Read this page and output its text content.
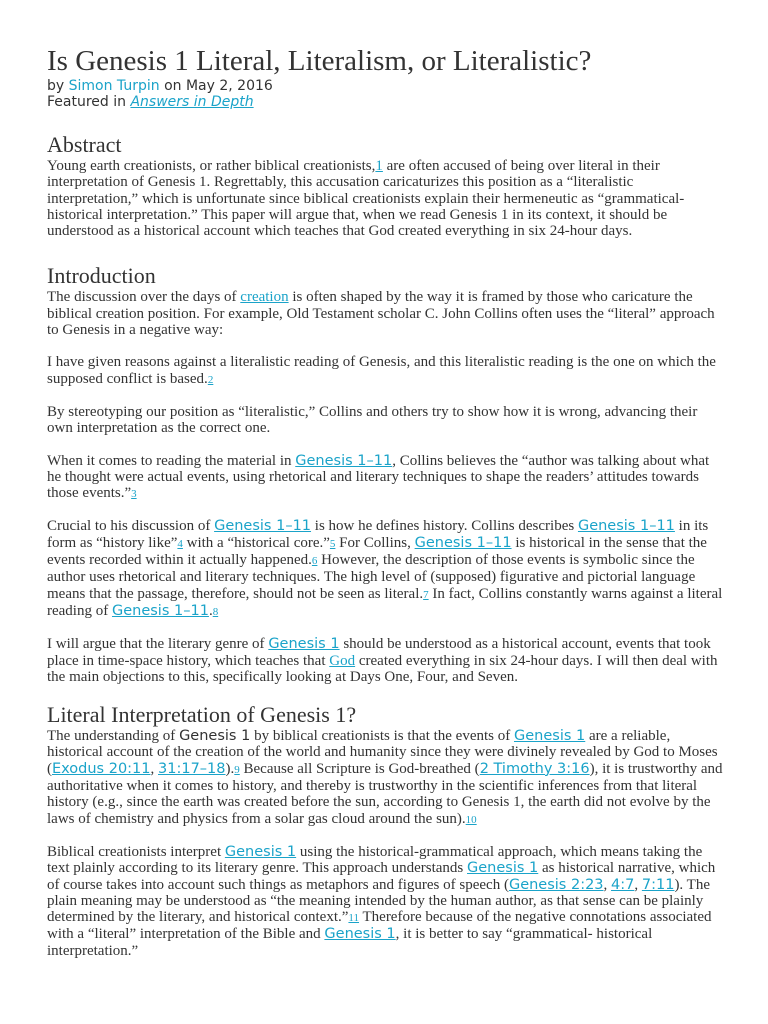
Is Genesis 1 Literal, Literalism, or Literalistic?
by Simon Turpin on May 2, 2016
Featured in Answers in Depth
Abstract

Young earth creationists, or rather biblical creationists,1 are often accused of being over literal in their interpretation of Genesis 1. Regrettably, this accusation caricaturizes this position as a “literalistic interpretation,” which is unfortunate since biblical creationists explain their hermeneutic as “grammatical-historical interpretation.” This paper will argue that, when we read Genesis 1 in its context, it should be understood as a historical account which teaches that God created everything in six 24-hour days.

Introduction

The discussion over the days of creation is often shaped by the way it is framed by those who caricature the biblical creation position. For example, Old Testament scholar C. John Collins often uses the “literal” approach to Genesis in a negative way:

I have given reasons against a literalistic reading of Genesis, and this literalistic reading is the one on which the supposed conflict is based.2

By stereotyping our position as “literalistic,” Collins and others try to show how it is wrong, advancing their own interpretation as the correct one.

When it comes to reading the material in Genesis 1–11, Collins believes the “author was talking about what he thought were actual events, using rhetorical and literary techniques to shape the readers’ attitudes towards those events.”3

Crucial to his discussion of Genesis 1–11 is how he defines history. Collins describes Genesis 1–11 in its form as “history like”4 with a “historical core.”5 For Collins, Genesis 1–11 is historical in the sense that the events recorded within it actually happened.6 However, the description of those events is symbolic since the author uses rhetorical and literary techniques. The high level of (supposed) figurative and pictorial language means that the passage, therefore, should not be seen as literal.7 In fact, Collins constantly warns against a literal reading of Genesis 1–11.8

I will argue that the literary genre of Genesis 1 should be understood as a historical account, events that took place in time-space history, which teaches that God created everything in six 24-hour days. I will then deal with the main objections to this, specifically looking at Days One, Four, and Seven.

Literal Interpretation of Genesis 1?

The understanding of Genesis 1 by biblical creationists is that the events of Genesis 1 are a reliable, historical account of the creation of the world and humanity since they were divinely revealed by God to Moses (Exodus 20:11, 31:17–18).9 Because all Scripture is God-breathed (2 Timothy 3:16), it is trustworthy and authoritative when it comes to history, and thereby is trustworthy in the scientific inferences from that literal history (e.g., since the earth was created before the sun, according to Genesis 1, the earth did not evolve by the laws of chemistry and physics from a solar gas cloud around the sun).10

Biblical creationists interpret Genesis 1 using the historical-grammatical approach, which means taking the text plainly according to its literary genre. This approach understands Genesis 1 as historical narrative, which of course takes into account such things as metaphors and figures of speech (Genesis 2:23, 4:7, 7:11). The plain meaning may be understood as “the meaning intended by the human author, as that sense can be plainly determined by the literary, and historical context.”11 Therefore because of the negative connotations associated with a “literal” interpretation of the Bible and Genesis 1, it is better to say “grammatical- historical interpretation.”
